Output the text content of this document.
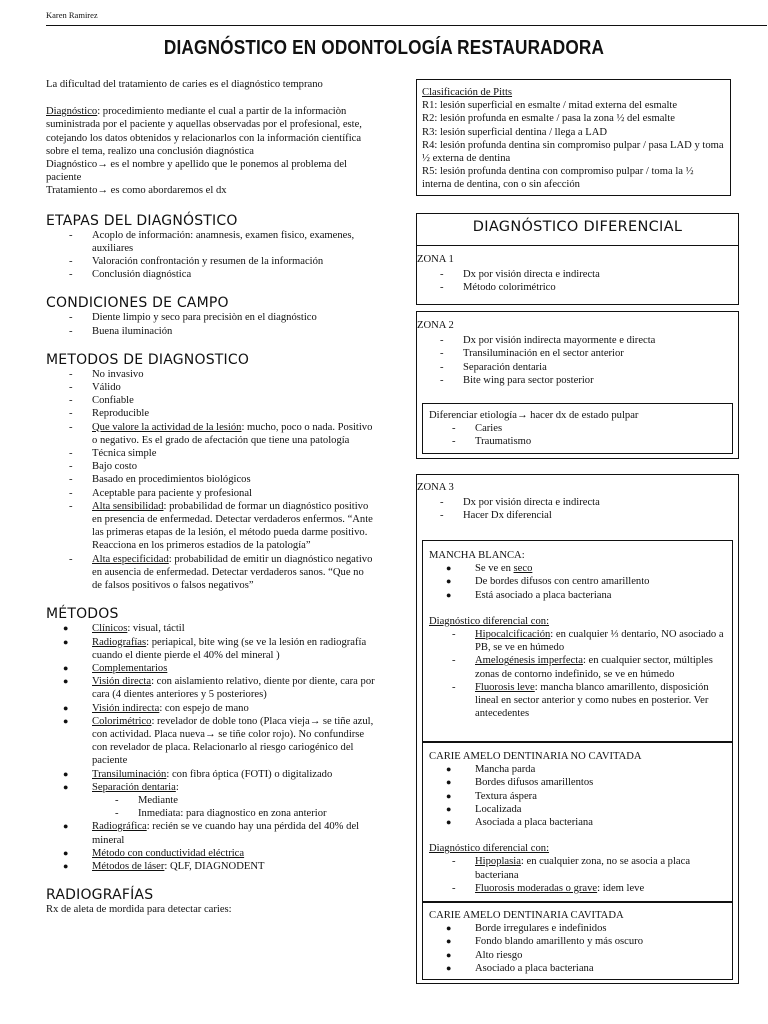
Karen Ramirez
DIAGNÓSTICO EN ODONTOLOGÍA RESTAURADORA

La dificultad del tratamiento de caries es el diagnóstico temprano

Diagnóstico: procedimiento mediante el cual a partir de la informaciòn suministrada por el paciente y aquellas observadas por el profesional, este, cotejando los datos obtenidos y relacionarlos con la información científica sobre el tema, realizo una conclusión diagnóstica

Diagnóstico→ es el nombre y apellido que le ponemos al problema del paciente

Tratamiento→ es como abordaremos el dx

ETAPAS DEL DIAGNÓSTICO
- Acoplo de información: anamnesis, examen fisico, examenes, auxiliares
- Valoración confrontación y resumen de la información
- Conclusión diagnóstica
CONDICIONES DE CAMPO
- Diente limpio y seco para precisiòn en el diagnóstico
- Buena iluminación
METODOS DE DIAGNOSTICO
- No invasivo
- Válido
- Confiable
- Reproducible
- Que valore la actividad de la lesión: mucho, poco o nada. Positivo o negativo. Es el grado de afectación que tiene una patología
- Técnica simple
- Bajo costo
- Basado en procedimientos biológicos
- Aceptable para paciente y profesional
- Alta sensibilidad: probabilidad de formar un diagnóstico positivo en presencia de enfermedad. Detectar verdaderos enfermos. “Ante las primeras etapas de la lesión, el método pueda darme positivo. Reacciona en los primeros estadios de la patología”
- Alta especificidad: probabilidad de emitir un diagnóstico negativo en ausencia de enfermedad. Detectar verdaderos sanos. “Que no de falsos positivos o falsos negativos”
MÉTODOS
● Clínicos: visual, táctil
● Radiografías: periapical, bite wing (se ve la lesión en radiografía cuando el diente pierde el 40% del mineral )
● Complementarios
● Visión directa: con aislamiento relativo, diente por diente, cara por cara (4 dientes anteriores y 5 posteriores)
● Visión indirecta: con espejo de mano
● Colorimétrico: revelador de doble tono (Placa vieja→ se tiñe azul, con actividad. Placa nueva→ se tiñe color rojo). No confundirse con revelador de placa. Relacionarlo al riesgo cariogénico del paciente
● Transiluminación: con fibra óptica (FOTI) o digitalizado
● Separación dentaria:
- Mediante
- Inmediata: para diagnostico en zona anterior
● Radiográfica: recién se ve cuando hay una pérdida del 40% del mineral
● Método con conductividad eléctrica
● Métodos de láser: QLF, DIAGNODENT
RADIOGRAFÍAS

Rx de aleta de mordida para detectar caries:

Clasificación de Pitts
R1: lesión superficial en esmalte / mitad externa del esmalte
R2: lesión profunda en esmalte / pasa la zona ½ del esmalte
R3: lesión superficial dentina / llega a LAD
R4: lesión profunda dentina sin compromiso pulpar / pasa LAD y toma ½ externa de dentina
R5: lesión profunda dentina con compromiso pulpar / toma la ½ interna de dentina, con o sin afección
DIAGNÓSTICO DIFERENCIAL
ZONA 1
- Dx por visión directa e indirecta
- Método colorimétrico
ZONA 2
- Dx por visión indirecta mayormente e directa
- Transiluminación en el sector anterior
- Separación dentaria
- Bite wing para sector posterior
Diferenciar etiología→ hacer dx de estado pulpar
- Caries
- Traumatismo
ZONA 3
- Dx por visión directa e indirecta
- Hacer Dx diferencial
MANCHA BLANCA:
● Se ve en seco
● De bordes difusos con centro amarillento
● Está asociado a placa bacteriana
Diagnóstico diferencial con:
- Hipocalcificación: en cualquier ⅓ dentario, NO asociado a PB, se ve en húmedo
- Amelogénesis imperfecta: en cualquier sector, múltiples zonas de contorno indefinido, se ve en húmedo
- Fluorosis leve: mancha blanco amarillento, disposición lineal en sector anterior y como nubes en posterior. Ver antecedentes
CARIE AMELO DENTINARIA NO CAVITADA
● Mancha parda
● Bordes difusos amarillentos
● Textura áspera
● Localizada
● Asociada a placa bacteriana
Diagnóstico diferencial con:
- Hipoplasia: en cualquier zona, no se asocia a placa bacteriana
- Fluorosis moderadas o grave: idem leve
CARIE AMELO DENTINARIA CAVITADA
● Borde irregulares e indefinidos
● Fondo blando amarillento y más oscuro
● Alto riesgo
● Asociado a placa bacteriana
